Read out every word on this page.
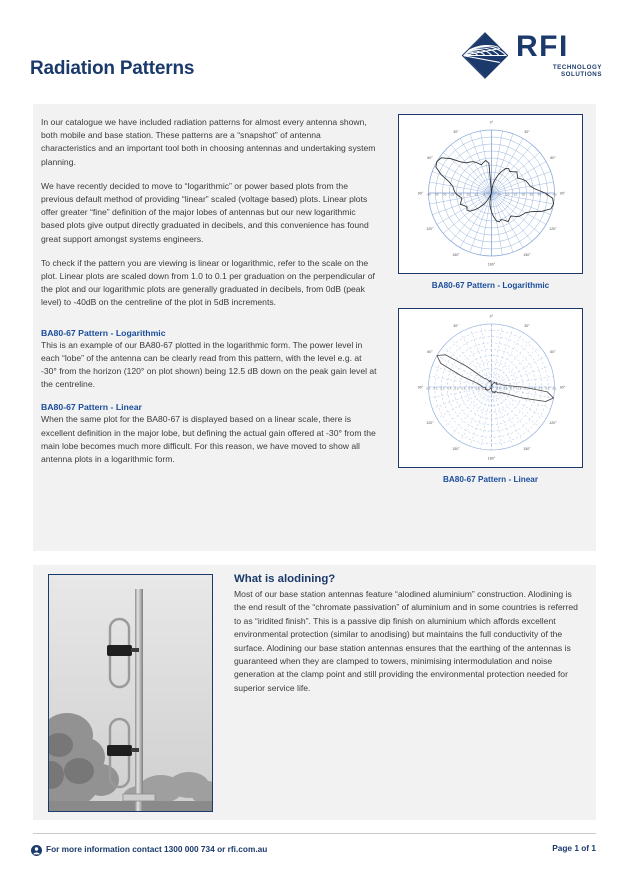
Radiation Patterns
RFI
TECHNOLOGY SOLUTIONS

In our catalogue we have included radiation patterns for almost every antenna shown, both mobile and base station. These patterns are a “snapshot” of antenna characteristics and an important tool both in choosing antennas and undertaking system planning.

We have recently decided to move to “logarithmic” or power based plots from the previous default method of providing “linear” scaled (voltage based) plots. Linear plots offer greater “fine” definition of the major lobes of antennas but our new logarithmic based plots give output directly graduated in decibels, and this convenience has found great support amongst systems engineers.

To check if the pattern you are viewing is linear or logarithmic, refer to the scale on the plot. Linear plots are scaled down from 1.0 to 0.1 per graduation on the perpendicular of the plot and our logarithmic plots are generally graduated in decibels, from 0dB (peak level) to -40dB on the centreline of the plot in 5dB increments.

BA80-67 Pattern - Logarithmic

This is an example of our BA80-67 plotted in the logarithmic form. The power level in each “lobe” of the antenna can be clearly read from this pattern, with the level e.g. at -30° from the horizon (120° on plot shown) being 12.5 dB down on the peak gain level at the centreline.

BA80-67 Pattern - Linear

When the same plot for the BA80-67 is displayed based on a linear scale, there is excellent definition in the major lobe, but defining the actual gain offered at -30° from the main lobe becomes much more difficult. For this reason, we have moved to show all antenna plots in a logarithmic form.

0°
30°
60°
90°
120°
150°
180°
150°
120°
90°
60°
30°
-5	-5
-10	-10
-15	-15
-20	-20
-25	-25
-30	-30
-35	-35
-40	-40
BA80-67 Pattern - Logarithmic
0°
30°
60°
90°
120°
150°
180°
150°
120°
90°
60°
30°
0.9	0.9
0.8	0.8
0.7	0.7
0.6	0.6
0.5	0.5
0.4	0.4
0.3	0.3
0.2	0.2
0.1	0.1
BA80-67 Pattern - Linear
What is alodining?

Most of our base station antennas feature “alodined aluminium” construction. Alodining is the end result of the “chromate passivation” of aluminium and in some countries is referred to as “iridited finish”. This is a passive dip finish on aluminium which affords excellent environmental protection (similar to anodising) but maintains the full conductivity of the surface. Alodining our base station antennas ensures that the earthing of the antennas is guaranteed when they are clamped to towers, minimising intermodulation and noise generation at the clamp point and still providing the environmental protection needed for superior service life.

For more information contact 1300 000 734 or rfi.com.au	Page 1 of 1
